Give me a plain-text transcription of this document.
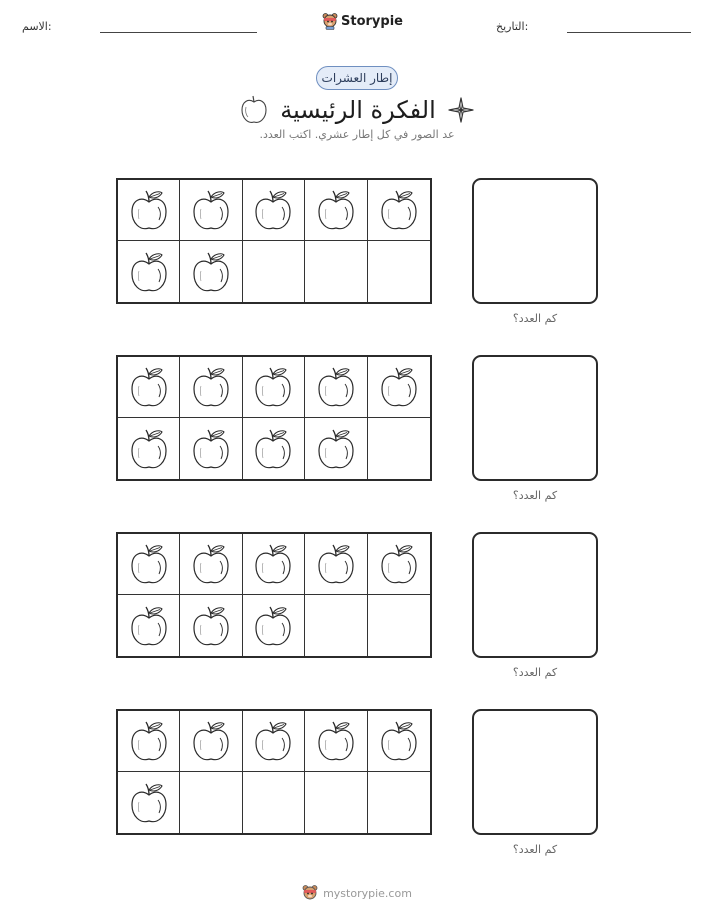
الاسم:	Storypie	التاريخ:
إطار العشرات
الفكرة الرئيسية
عد الصور في كل إطار عشري. اكتب العدد.
كم العدد؟
كم العدد؟
كم العدد؟
كم العدد؟
mystorypie.com
